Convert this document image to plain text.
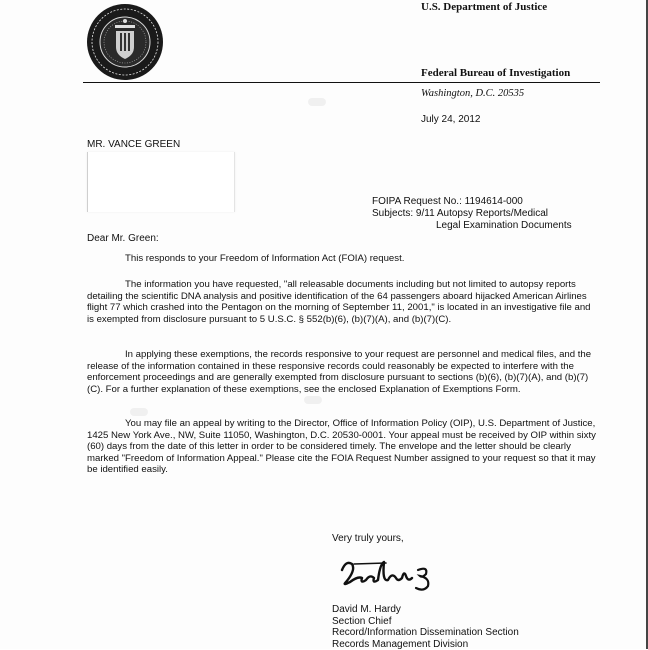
U.S. Department of Justice
Federal Bureau of Investigation
Washington, D.C. 20535
July 24, 2012
MR. VANCE GREEN
FOIPA Request No.: 1194614-000
Subjects: 9/11 Autopsy Reports/Medical
Legal Examination Documents
Dear Mr. Green:
This responds to your Freedom of Information Act (FOIA) request.
The information you have requested, "all releasable documents including but not limited to autopsy reports detailing the scientific DNA analysis and positive identification of the 64 passengers aboard hijacked American Airlines flight 77 which crashed into the Pentagon on the morning of September 11, 2001," is located in an investigative file and is exempted from disclosure pursuant to 5 U.S.C. § 552(b)(6), (b)(7)(A), and (b)(7)(C).
In applying these exemptions, the records responsive to your request are personnel and medical files, and the release of the information contained in these responsive records could reasonably be expected to interfere with the enforcement proceedings and are generally exempted from disclosure pursuant to sections (b)(6), (b)(7)(A), and (b)(7)(C). For a further explanation of these exemptions, see the enclosed Explanation of Exemptions Form.
You may file an appeal by writing to the Director, Office of Information Policy (OIP), U.S. Department of Justice, 1425 New York Ave., NW, Suite 11050, Washington, D.C. 20530-0001. Your appeal must be received by OIP within sixty (60) days from the date of this letter in order to be considered timely. The envelope and the letter should be clearly marked "Freedom of Information Appeal." Please cite the FOIA Request Number assigned to your request so that it may be identified easily.
Very truly yours,
David M. Hardy
Section Chief
Record/Information Dissemination Section
Records Management Division
